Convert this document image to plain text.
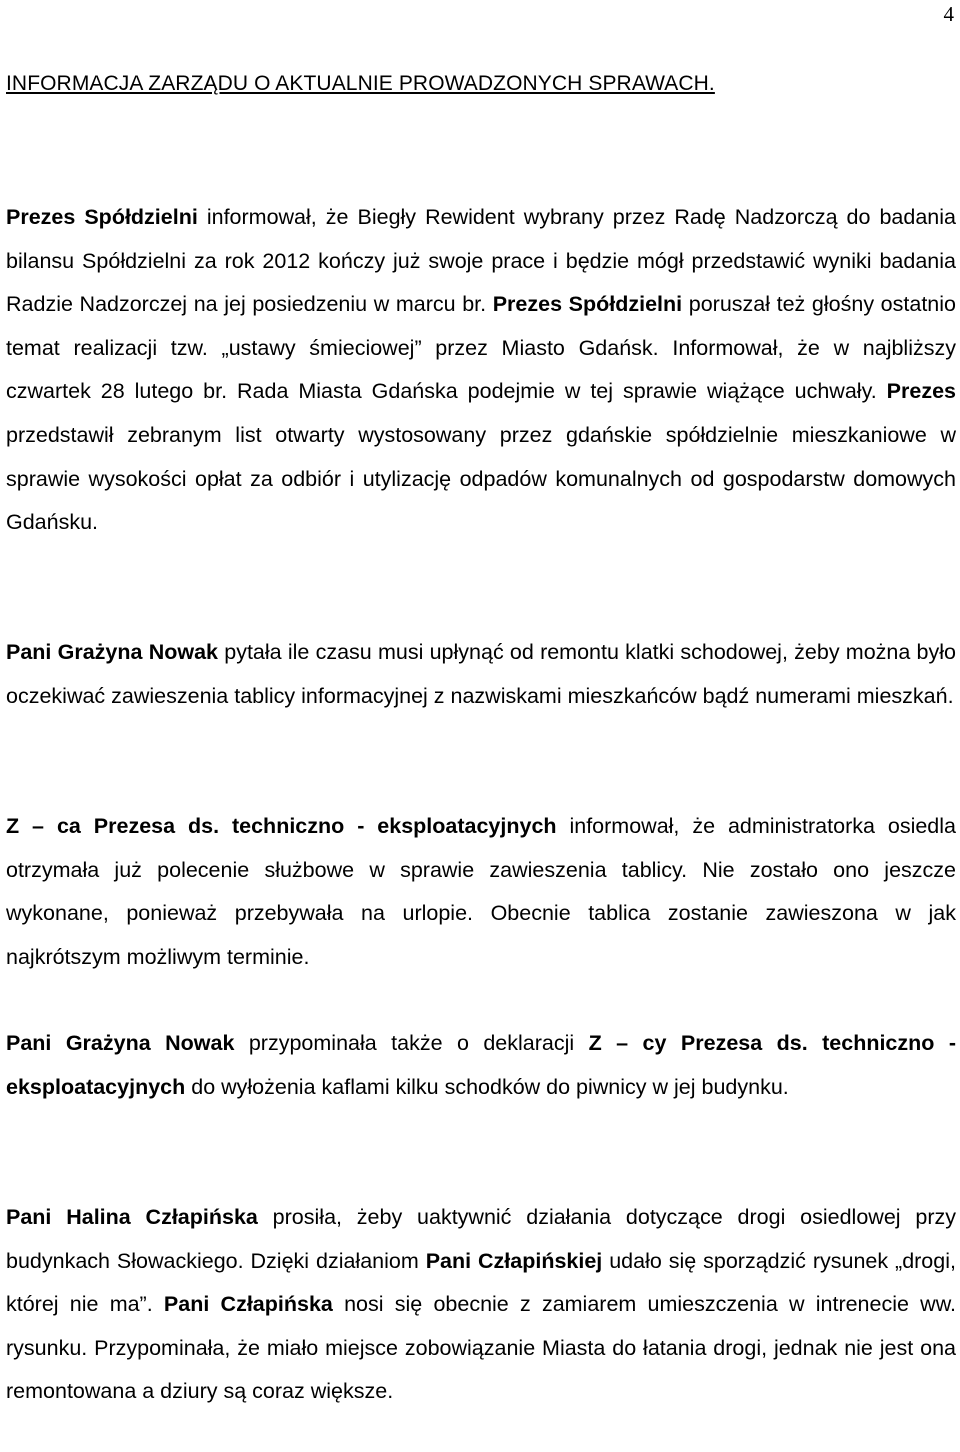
4
INFORMACJA ZARZĄDU O AKTUALNIE PROWADZONYCH SPRAWACH.

Prezes Spółdzielni informował, że Biegły Rewident wybrany przez Radę Nadzorczą do badania bilansu Spółdzielni za rok 2012 kończy już swoje prace i będzie mógł przedstawić wyniki badania Radzie Nadzorczej na jej posiedzeniu w marcu br. Prezes Spółdzielni poruszał też głośny ostatnio temat realizacji tzw. „ustawy śmieciowej” przez Miasto Gdańsk. Informował, że w najbliższy czwartek 28 lutego br. Rada Miasta Gdańska podejmie w tej sprawie wiążące uchwały. Prezes przedstawił zebranym list otwarty wystosowany przez gdańskie spółdzielnie mieszkaniowe w sprawie wysokości opłat za odbiór i utylizację odpadów komunalnych od gospodarstw domowych Gdańsku.

Pani Grażyna Nowak pytała ile czasu musi upłynąć od remontu klatki schodowej, żeby można było oczekiwać zawieszenia tablicy informacyjnej z nazwiskami mieszkańców bądź numerami mieszkań.

Z – ca Prezesa ds. techniczno - eksploatacyjnych informował, że administratorka osiedla otrzymała już polecenie służbowe w sprawie zawieszenia tablicy. Nie zostało ono jeszcze wykonane, ponieważ przebywała na urlopie. Obecnie tablica zostanie zawieszona w jak najkrótszym możliwym terminie.

Pani Grażyna Nowak przypominała także o deklaracji Z – cy Prezesa ds. techniczno - eksploatacyjnych do wyłożenia kaflami kilku schodków do piwnicy w jej budynku.

Pani Halina Człapińska prosiła, żeby uaktywnić działania dotyczące drogi osiedlowej przy budynkach Słowackiego. Dzięki działaniom Pani Człapińskiej udało się sporządzić rysunek „drogi, której nie ma”. Pani Człapińska nosi się obecnie z zamiarem umieszczenia w intrenecie ww. rysunku. Przypominała, że miało miejsce zobowiązanie Miasta do łatania drogi, jednak nie jest ona remontowana a dziury są coraz większe.
